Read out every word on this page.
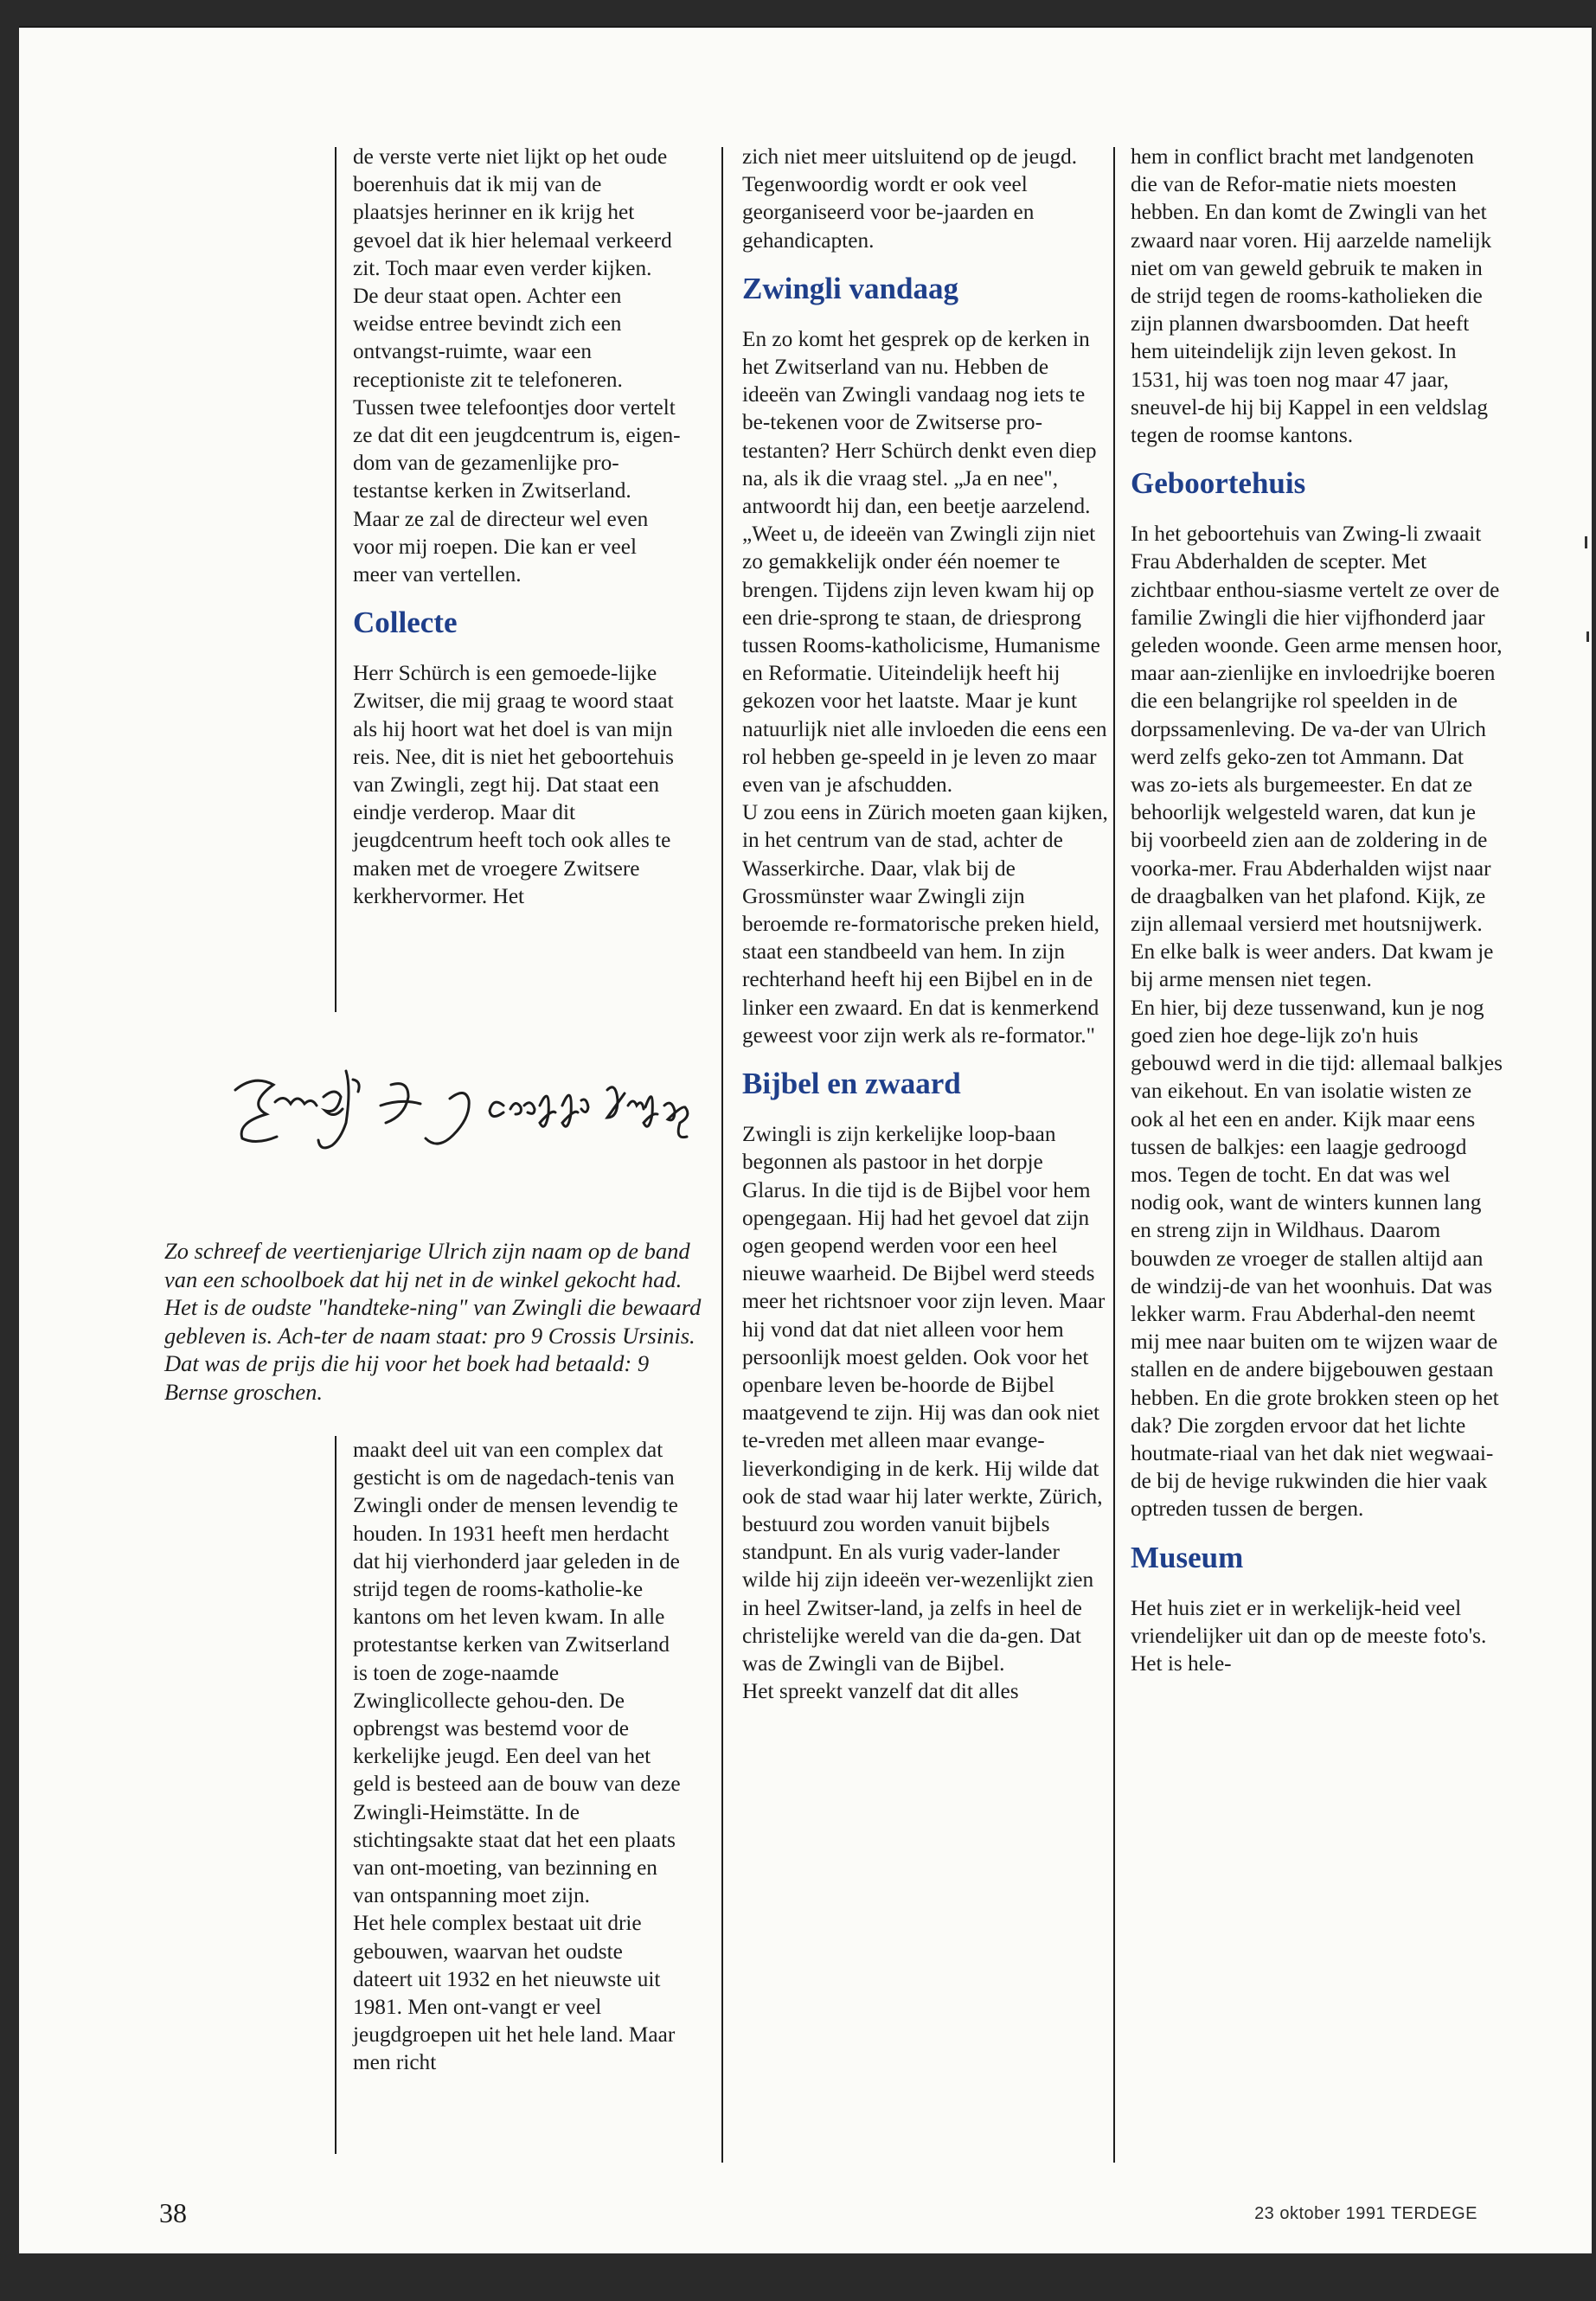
de verste verte niet lijkt op het oude boerenhuis dat ik mij van de plaatsjes herinner en ik krijg het gevoel dat ik hier helemaal verkeerd zit. Toch maar even verder kijken. De deur staat open. Achter een weidse entree bevindt zich een ontvangst-ruimte, waar een receptioniste zit te telefoneren. Tussen twee telefoontjes door vertelt ze dat dit een jeugdcentrum is, eigen-dom van de gezamenlijke pro-testantse kerken in Zwitserland. Maar ze zal de directeur wel even voor mij roepen. Die kan er veel meer van vertellen.

Collecte

Herr Schürch is een gemoede-lijke Zwitser, die mij graag te woord staat als hij hoort wat het doel is van mijn reis. Nee, dit is niet het geboortehuis van Zwingli, zegt hij. Dat staat een eindje verderop. Maar dit jeugdcentrum heeft toch ook alles te maken met de vroegere Zwitsere kerkhervormer. Het

Zo schreef de veertienjarige Ulrich zijn naam op de band van een schoolboek dat hij net in de winkel gekocht had. Het is de oudste "handteke-ning" van Zwingli die bewaard gebleven is. Ach-ter de naam staat: pro 9 Crossis Ursinis. Dat was de prijs die hij voor het boek had betaald: 9 Bernse groschen.

maakt deel uit van een complex dat gesticht is om de nagedach-tenis van Zwingli onder de mensen levendig te houden. In 1931 heeft men herdacht dat hij vierhonderd jaar geleden in de strijd tegen de rooms-katholie-ke kantons om het leven kwam. In alle protestantse kerken van Zwitserland is toen de zoge-naamde Zwinglicollecte gehou-den. De opbrengst was bestemd voor de kerkelijke jeugd. Een deel van het geld is besteed aan de bouw van deze Zwingli-Heimstätte. In de stichtingsakte staat dat het een plaats van ont-moeting, van bezinning en van ontspanning moet zijn.

Het hele complex bestaat uit drie gebouwen, waarvan het oudste dateert uit 1932 en het nieuwste uit 1981. Men ont-vangt er veel jeugdgroepen uit het hele land. Maar men richt

zich niet meer uitsluitend op de jeugd. Tegenwoordig wordt er ook veel georganiseerd voor be-jaarden en gehandicapten.

Zwingli vandaag

En zo komt het gesprek op de kerken in het Zwitserland van nu. Hebben de ideeën van Zwingli vandaag nog iets te be-tekenen voor de Zwitserse pro-testanten? Herr Schürch denkt even diep na, als ik die vraag stel. „Ja en nee", antwoordt hij dan, een beetje aarzelend.

„Weet u, de ideeën van Zwingli zijn niet zo gemakkelijk onder één noemer te brengen. Tijdens zijn leven kwam hij op een drie-sprong te staan, de driesprong tussen Rooms-katholicisme, Humanisme en Reformatie. Uiteindelijk heeft hij gekozen voor het laatste. Maar je kunt natuurlijk niet alle invloeden die eens een rol hebben ge-speeld in je leven zo maar even van je afschudden.

U zou eens in Zürich moeten gaan kijken, in het centrum van de stad, achter de Wasserkirche. Daar, vlak bij de Grossmünster waar Zwingli zijn beroemde re-formatorische preken hield, staat een standbeeld van hem. In zijn rechterhand heeft hij een Bijbel en in de linker een zwaard. En dat is kenmerkend geweest voor zijn werk als re-formator."

Bijbel en zwaard

Zwingli is zijn kerkelijke loop-baan begonnen als pastoor in het dorpje Glarus. In die tijd is de Bijbel voor hem opengegaan. Hij had het gevoel dat zijn ogen geopend werden voor een heel nieuwe waarheid. De Bijbel werd steeds meer het richtsnoer voor zijn leven. Maar hij vond dat dat niet alleen voor hem persoonlijk moest gelden. Ook voor het openbare leven be-hoorde de Bijbel maatgevend te zijn. Hij was dan ook niet te-vreden met alleen maar evange-lieverkondiging in de kerk. Hij wilde dat ook de stad waar hij later werkte, Zürich, bestuurd zou worden vanuit bijbels standpunt. En als vurig vader-lander wilde hij zijn ideeën ver-wezenlijkt zien in heel Zwitser-land, ja zelfs in heel de christelijke wereld van die da-gen. Dat was de Zwingli van de Bijbel.

Het spreekt vanzelf dat dit alles

hem in conflict bracht met landgenoten die van de Refor-matie niets moesten hebben. En dan komt de Zwingli van het zwaard naar voren. Hij aarzelde namelijk niet om van geweld gebruik te maken in de strijd tegen de rooms-katholieken die zijn plannen dwarsboomden. Dat heeft hem uiteindelijk zijn leven gekost. In 1531, hij was toen nog maar 47 jaar, sneuvel-de hij bij Kappel in een veldslag tegen de roomse kantons.

Geboortehuis

In het geboortehuis van Zwing-li zwaait Frau Abderhalden de scepter. Met zichtbaar enthou-siasme vertelt ze over de familie Zwingli die hier vijfhonderd jaar geleden woonde. Geen arme mensen hoor, maar aan-zienlijke en invloedrijke boeren die een belangrijke rol speelden in de dorpssamenleving. De va-der van Ulrich werd zelfs geko-zen tot Ammann. Dat was zo-iets als burgemeester. En dat ze behoorlijk welgesteld waren, dat kun je bij voorbeeld zien aan de zoldering in de voorka-mer. Frau Abderhalden wijst naar de draagbalken van het plafond. Kijk, ze zijn allemaal versierd met houtsnijwerk. En elke balk is weer anders. Dat kwam je bij arme mensen niet tegen.

En hier, bij deze tussenwand, kun je nog goed zien hoe dege-lijk zo'n huis gebouwd werd in die tijd: allemaal balkjes van eikehout. En van isolatie wisten ze ook al het een en ander. Kijk maar eens tussen de balkjes: een laagje gedroogd mos. Tegen de tocht. En dat was wel nodig ook, want de winters kunnen lang en streng zijn in Wildhaus. Daarom bouwden ze vroeger de stallen altijd aan de windzij-de van het woonhuis. Dat was lekker warm. Frau Abderhal-den neemt mij mee naar buiten om te wijzen waar de stallen en de andere bijgebouwen gestaan hebben. En die grote brokken steen op het dak? Die zorgden ervoor dat het lichte houtmate-riaal van het dak niet wegwaai-de bij de hevige rukwinden die hier vaak optreden tussen de bergen.

Museum

Het huis ziet er in werkelijk-heid veel vriendelijker uit dan op de meeste foto's. Het is hele-

38	23 oktober 1991 TERDEGE
